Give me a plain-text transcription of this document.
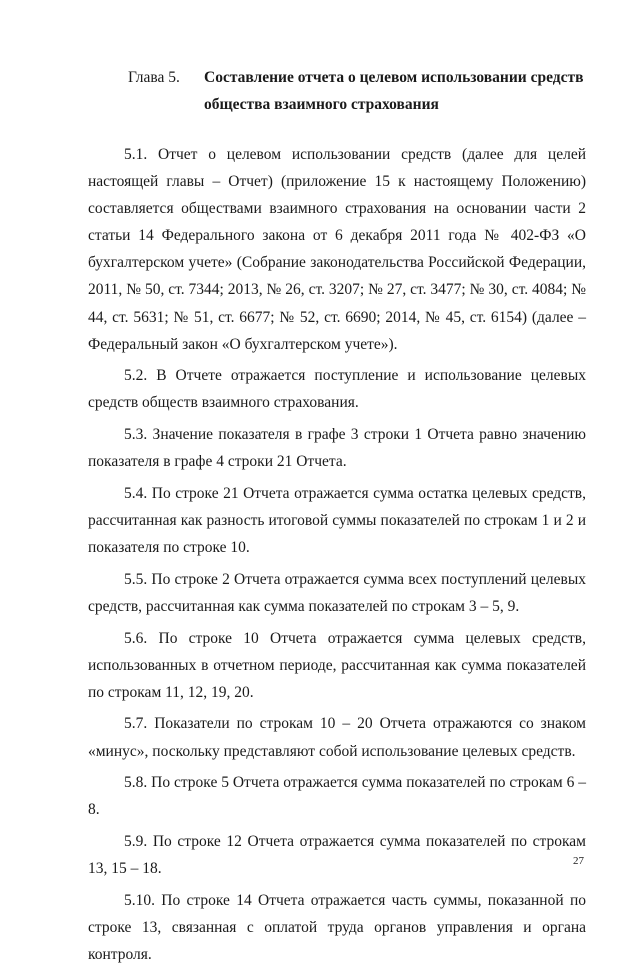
Глава 5. Составление отчета о целевом использовании средств общества взаимного страхования

5.1. Отчет о целевом использовании средств (далее для целей настоящей главы – Отчет) (приложение 15 к настоящему Положению) составляется обществами взаимного страхования на основании части 2 статьи 14 Федерального закона от 6 декабря 2011 года № 402-ФЗ «О бухгалтерском учете» (Собрание законодательства Российской Федерации, 2011, № 50, ст. 7344; 2013, № 26, ст. 3207; № 27, ст. 3477; № 30, ст. 4084; № 44, ст. 5631; № 51, ст. 6677; № 52, ст. 6690; 2014, № 45, ст. 6154) (далее – Федеральный закон «О бухгалтерском учете»).

5.2. В Отчете отражается поступление и использование целевых средств обществ взаимного страхования.

5.3. Значение показателя в графе 3 строки 1 Отчета равно значению показателя в графе 4 строки 21 Отчета.

5.4. По строке 21 Отчета отражается сумма остатка целевых средств, рассчитанная как разность итоговой суммы показателей по строкам 1 и 2 и показателя по строке 10.

5.5. По строке 2 Отчета отражается сумма всех поступлений целевых средств, рассчитанная как сумма показателей по строкам 3 – 5, 9.

5.6. По строке 10 Отчета отражается сумма целевых средств, использованных в отчетном периоде, рассчитанная как сумма показателей по строкам 11, 12, 19, 20.

5.7. Показатели по строкам 10 – 20 Отчета отражаются со знаком «минус», поскольку представляют собой использование целевых средств.

5.8. По строке 5 Отчета отражается сумма показателей по строкам 6 – 8.

5.9. По строке 12 Отчета отражается сумма показателей по строкам 13, 15 – 18.

5.10. По строке 14 Отчета отражается часть суммы, показанной по строке 13, связанная с оплатой труда органов управления и органа контроля.

27
